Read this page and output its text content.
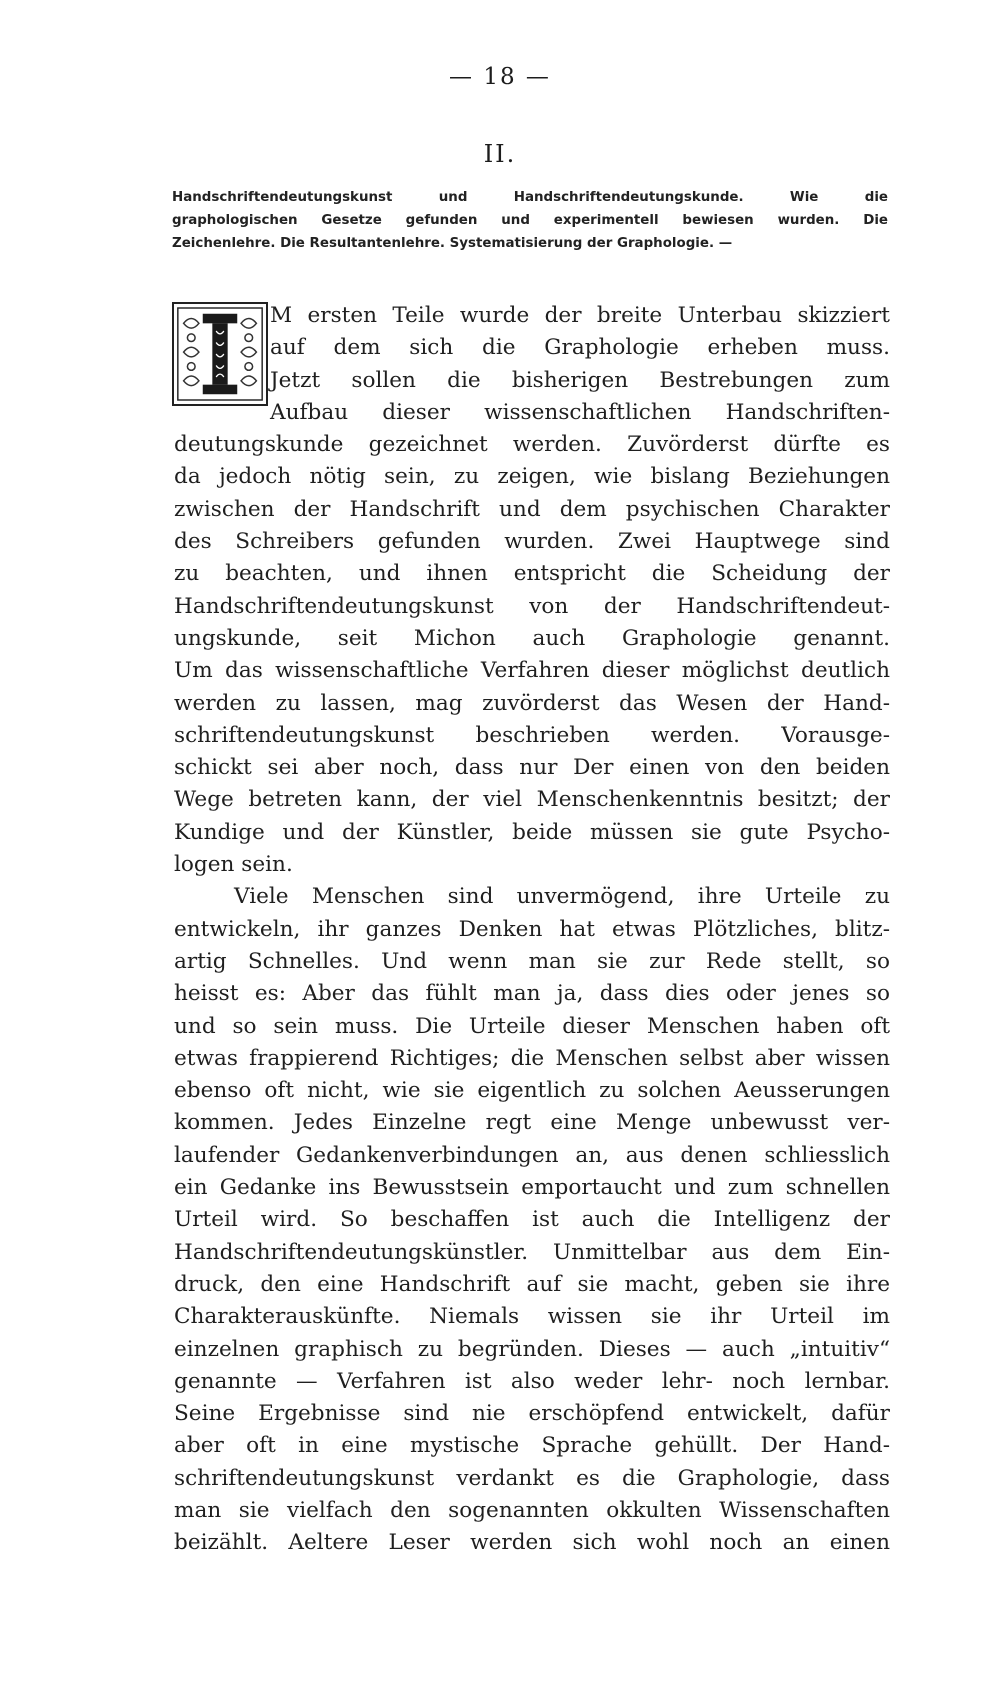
— 18 —
II.
Handschriftendeutungskunst und Handschriftendeutungskunde. Wie die
graphologischen Gesetze gefunden und experimentell bewiesen wurden. Die
Zeichenlehre. Die Resultantenlehre. Systematisierung der Graphologie. —
M ersten Teile wurde der breite Unterbau skizziert
auf dem sich die Graphologie erheben muss.
Jetzt sollen die bisherigen Bestrebungen zum
Aufbau dieser wissenschaftlichen Handschriften-
deutungskunde gezeichnet werden. Zuvörderst dürfte es
da jedoch nötig sein, zu zeigen, wie bislang Beziehungen
zwischen der Handschrift und dem psychischen Charakter
des Schreibers gefunden wurden. Zwei Hauptwege sind
zu beachten, und ihnen entspricht die Scheidung der
Handschriftendeutungskunst von der Handschriftendeut-
ungskunde, seit Michon auch Graphologie genannt.
Um das wissenschaftliche Verfahren dieser möglichst deutlich
werden zu lassen, mag zuvörderst das Wesen der Hand-
schriftendeutungskunst beschrieben werden. Vorausge-
schickt sei aber noch, dass nur Der einen von den beiden
Wege betreten kann, der viel Menschenkenntnis besitzt; der
Kundige und der Künstler, beide müssen sie gute Psycho-
logen sein.
Viele Menschen sind unvermögend, ihre Urteile zu
entwickeln, ihr ganzes Denken hat etwas Plötzliches, blitz-
artig Schnelles. Und wenn man sie zur Rede stellt, so
heisst es: Aber das fühlt man ja, dass dies oder jenes so
und so sein muss. Die Urteile dieser Menschen haben oft
etwas frappierend Richtiges; die Menschen selbst aber wissen
ebenso oft nicht, wie sie eigentlich zu solchen Aeusserungen
kommen. Jedes Einzelne regt eine Menge unbewusst ver-
laufender Gedankenverbindungen an, aus denen schliesslich
ein Gedanke ins Bewusstsein emportaucht und zum schnellen
Urteil wird. So beschaffen ist auch die Intelligenz der
Handschriftendeutungskünstler. Unmittelbar aus dem Ein-
druck, den eine Handschrift auf sie macht, geben sie ihre
Charakterauskünfte. Niemals wissen sie ihr Urteil im
einzelnen graphisch zu begründen. Dieses — auch „intuitiv“
genannte — Verfahren ist also weder lehr- noch lernbar.
Seine Ergebnisse sind nie erschöpfend entwickelt, dafür
aber oft in eine mystische Sprache gehüllt. Der Hand-
schriftendeutungskunst verdankt es die Graphologie, dass
man sie vielfach den sogenannten okkulten Wissenschaften
beizählt. Aeltere Leser werden sich wohl noch an einen
